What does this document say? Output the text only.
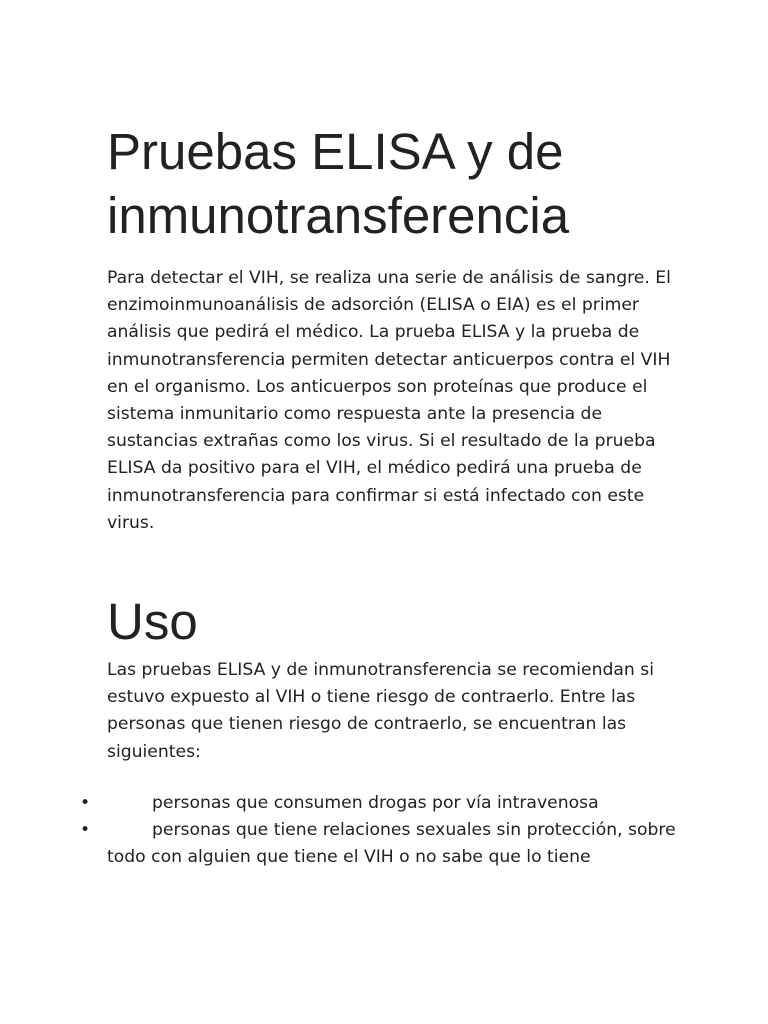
Pruebas ELISA y de inmunotransferencia

Para detectar el VIH, se realiza una serie de análisis de sangre. El enzimoinmunoanálisis de adsorción (ELISA o EIA) es el primer análisis que pedirá el médico. La prueba ELISA y la prueba de inmunotransferencia permiten detectar anticuerpos contra el VIH en el organismo. Los anticuerpos son proteínas que produce el sistema inmunitario como respuesta ante la presencia de sustancias extrañas como los virus. Si el resultado de la prueba ELISA da positivo para el VIH, el médico pedirá una prueba de inmunotransferencia para confirmar si está infectado con este virus.

Uso

Las pruebas ELISA y de inmunotransferencia se recomiendan si estuvo expuesto al VIH o tiene riesgo de contraerlo. Entre las personas que tienen riesgo de contraerlo, se encuentran las siguientes:

•	personas que consumen drogas por vía intravenosa
•	personas que tiene relaciones sexuales sin protección, sobre todo con alguien que tiene el VIH o no sabe que lo tiene
